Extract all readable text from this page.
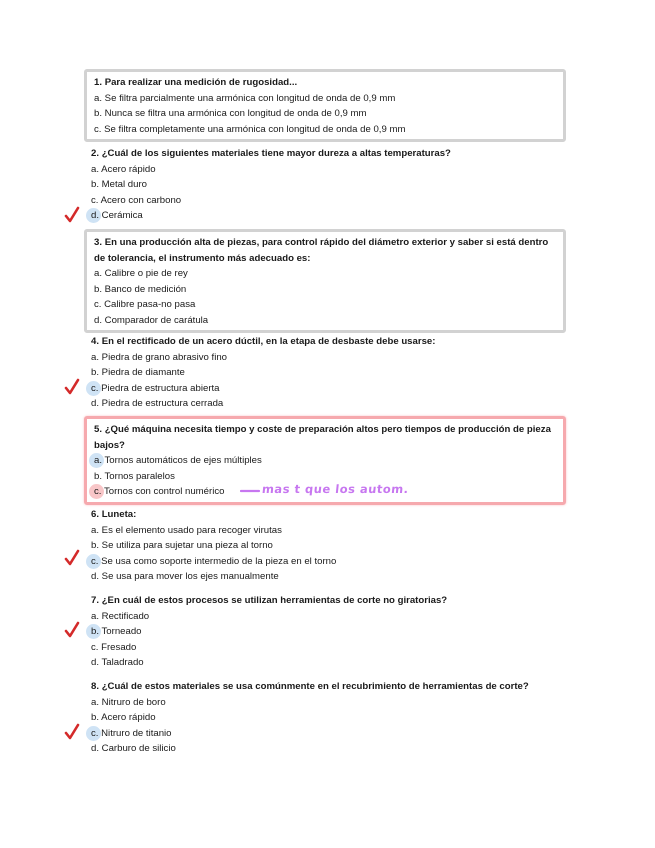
1. Para realizar una medición de rugosidad...
a. Se filtra parcialmente una armónica con longitud de onda de 0,9 mm
b. Nunca se filtra una armónica con longitud de onda de 0,9 mm
c. Se filtra completamente una armónica con longitud de onda de 0,9 mm
2. ¿Cuál de los siguientes materiales tiene mayor dureza a altas temperaturas?
a. Acero rápido
b. Metal duro
c. Acero con carbono
d. Cerámica
3. En una producción alta de piezas, para control rápido del diámetro exterior y saber si está dentro de tolerancia, el instrumento más adecuado es:
a. Calibre o pie de rey
b. Banco de medición
c. Calibre pasa-no pasa
d. Comparador de carátula
4. En el rectificado de un acero dúctil, en la etapa de desbaste debe usarse:
a. Piedra de grano abrasivo fino
b. Piedra de diamante
c. Piedra de estructura abierta
d. Piedra de estructura cerrada
5. ¿Qué máquina necesita tiempo y coste de preparación altos pero tiempos de producción de pieza bajos?
a. Tornos automáticos de ejes múltiples
b. Tornos paralelos
c. Tornos con control numérico
6. Luneta:
a. Es el elemento usado para recoger virutas
b. Se utiliza para sujetar una pieza al torno
c. Se usa como soporte intermedio de la pieza en el torno
d. Se usa para mover los ejes manualmente
7. ¿En cuál de estos procesos se utilizan herramientas de corte no giratorias?
a. Rectificado
b. Torneado
c. Fresado
d. Taladrado
8. ¿Cuál de estos materiales se usa comúnmente en el recubrimiento de herramientas de corte?
a. Nitruro de boro
b. Acero rápido
c. Nitruro de titanio
d. Carburo de silicio
mas t que los autom.
